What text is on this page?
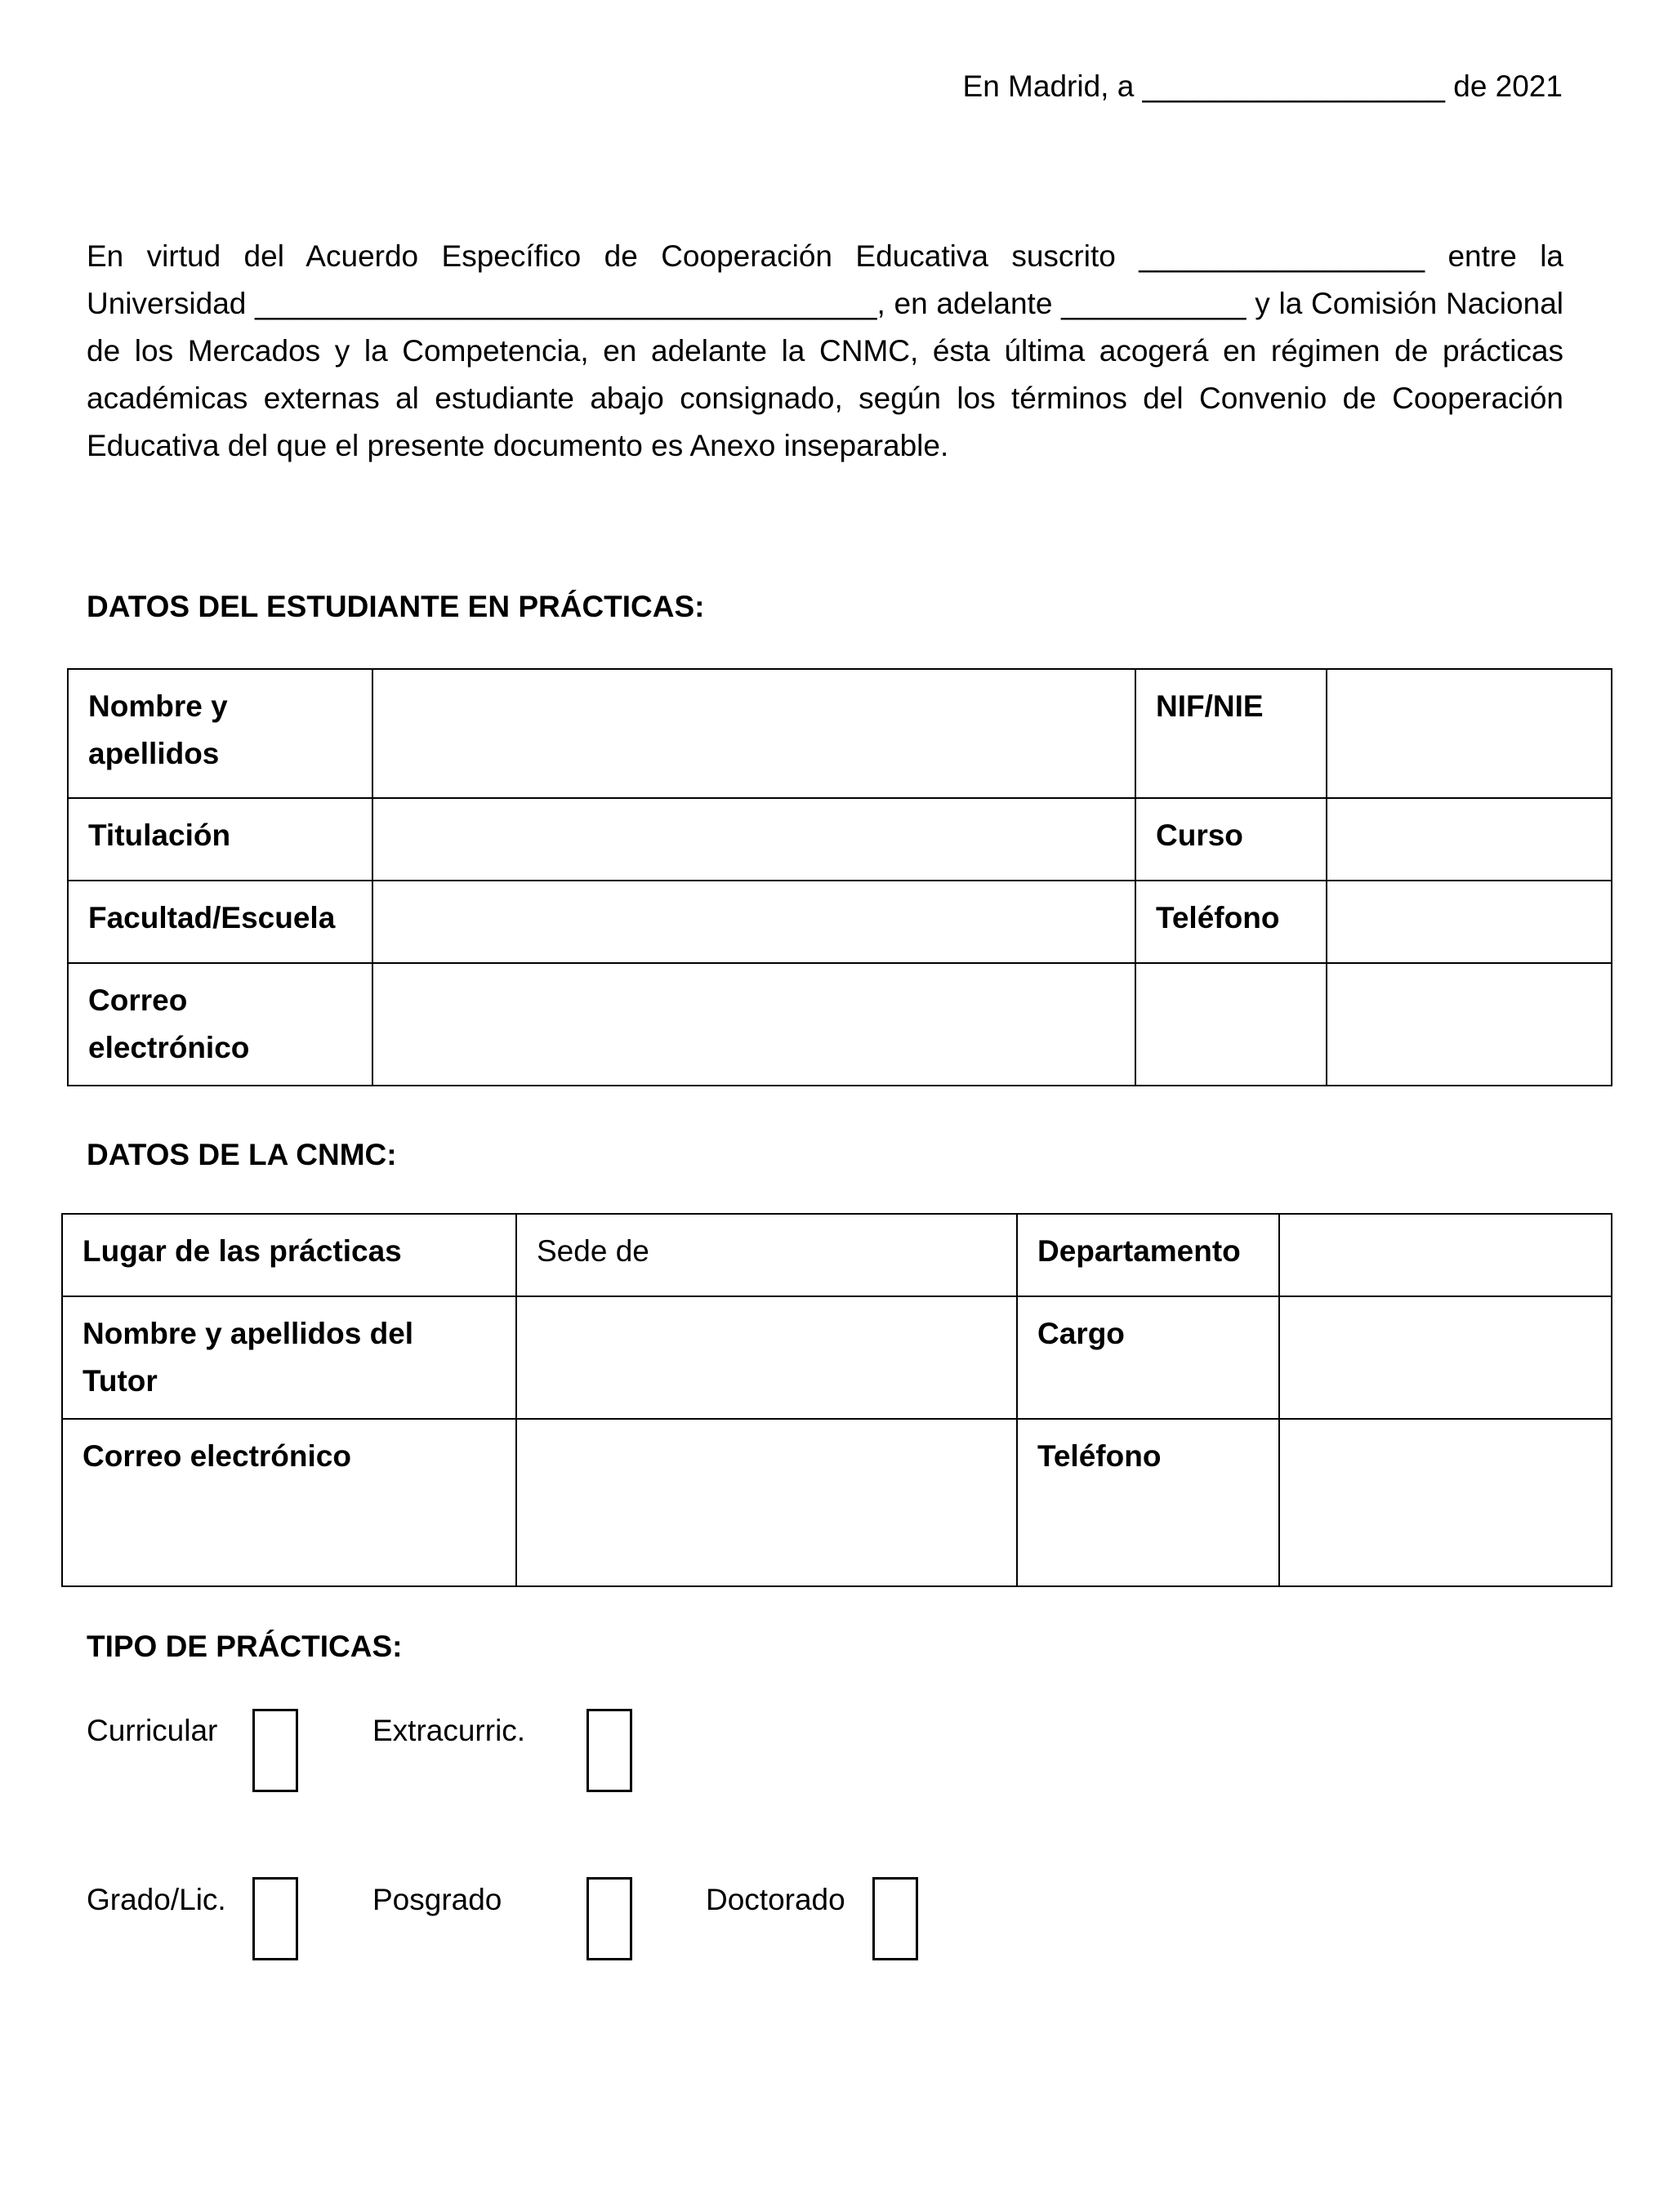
En Madrid, a __________________ de 2021
En virtud del Acuerdo Específico de Cooperación Educativa suscrito _________________ entre la Universidad _____________________________________, en adelante ___________ y la Comisión Nacional de los Mercados y la Competencia, en adelante la CNMC, ésta última acogerá en régimen de prácticas académicas externas al estudiante abajo consignado, según los términos del Convenio de Cooperación Educativa del que el presente documento es Anexo inseparable.
DATOS DEL ESTUDIANTE EN PRÁCTICAS:
Nombre y apellidos		NIF/NIE	
Titulación		Curso	
Facultad/Escuela		Teléfono	
Correo electrónico			
DATOS DE LA CNMC:
Lugar de las prácticas	Sede de	Departamento	
Nombre y apellidos del Tutor		Cargo	
Correo electrónico		Teléfono	
TIPO DE PRÁCTICAS:
Curricular	Extracurric.
Grado/Lic.	Posgrado	Doctorado
